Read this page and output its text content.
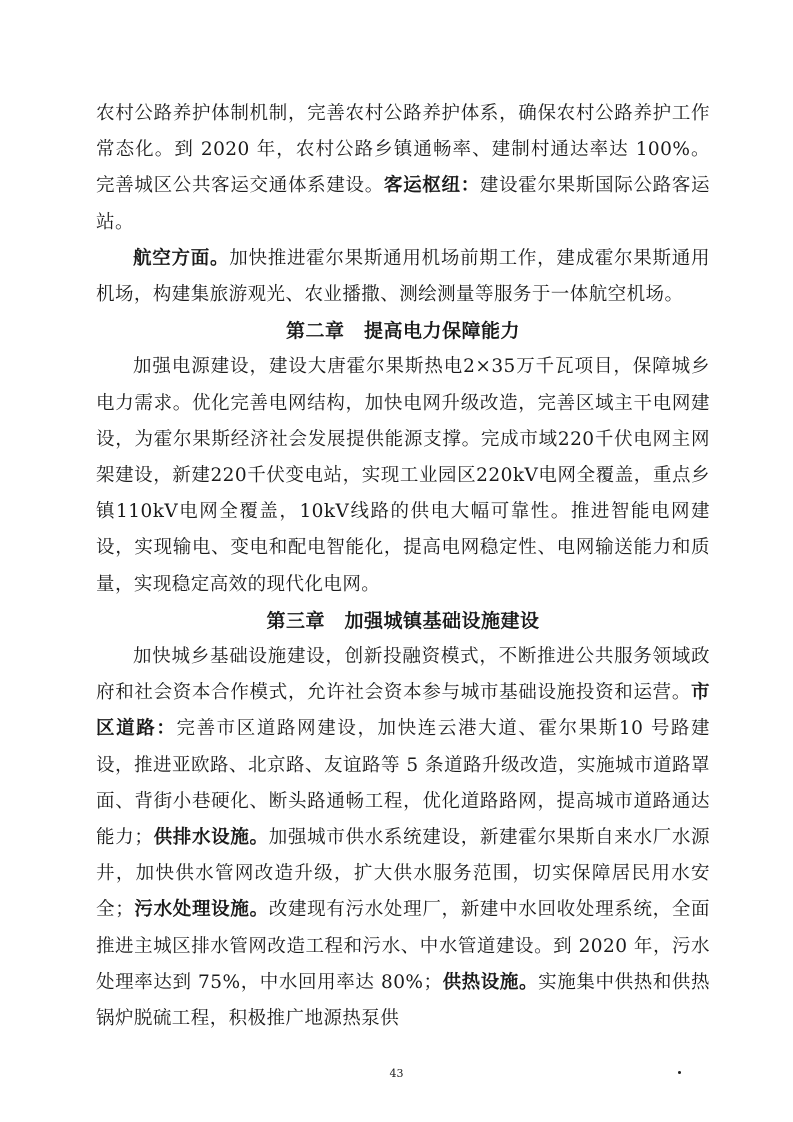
农村公路养护体制机制，完善农村公路养护体系，确保农村公路养护工作常态化。到 2020 年，农村公路乡镇通畅率、建制村通达率达 100%。完善城区公共客运交通体系建设。客运枢纽：建设霍尔果斯国际公路客运站。

航空方面。加快推进霍尔果斯通用机场前期工作，建成霍尔果斯通用机场，构建集旅游观光、农业播撒、测绘测量等服务于一体航空机场。

第二章　提高电力保障能力

加强电源建设，建设大唐霍尔果斯热电2×35万千瓦项目，保障城乡电力需求。优化完善电网结构，加快电网升级改造，完善区域主干电网建设，为霍尔果斯经济社会发展提供能源支撑。完成市域220千伏电网主网架建设，新建220千伏变电站，实现工业园区220kV电网全覆盖，重点乡镇110kV电网全覆盖，10kV线路的供电大幅可靠性。推进智能电网建设，实现输电、变电和配电智能化，提高电网稳定性、电网输送能力和质量，实现稳定高效的现代化电网。

第三章　加强城镇基础设施建设

加快城乡基础设施建设，创新投融资模式，不断推进公共服务领域政府和社会资本合作模式，允许社会资本参与城市基础设施投资和运营。市区道路：完善市区道路网建设，加快连云港大道、霍尔果斯10 号路建设，推进亚欧路、北京路、友谊路等 5 条道路升级改造，实施城市道路罩面、背街小巷硬化、断头路通畅工程，优化道路路网，提高城市道路通达能力；供排水设施。加强城市供水系统建设，新建霍尔果斯自来水厂水源井，加快供水管网改造升级，扩大供水服务范围，切实保障居民用水安全；污水处理设施。改建现有污水处理厂，新建中水回收处理系统，全面推进主城区排水管网改造工程和污水、中水管道建设。到 2020 年，污水处理率达到 75%，中水回用率达 80%；供热设施。实施集中供热和供热锅炉脱硫工程，积极推广地源热泵供

43
